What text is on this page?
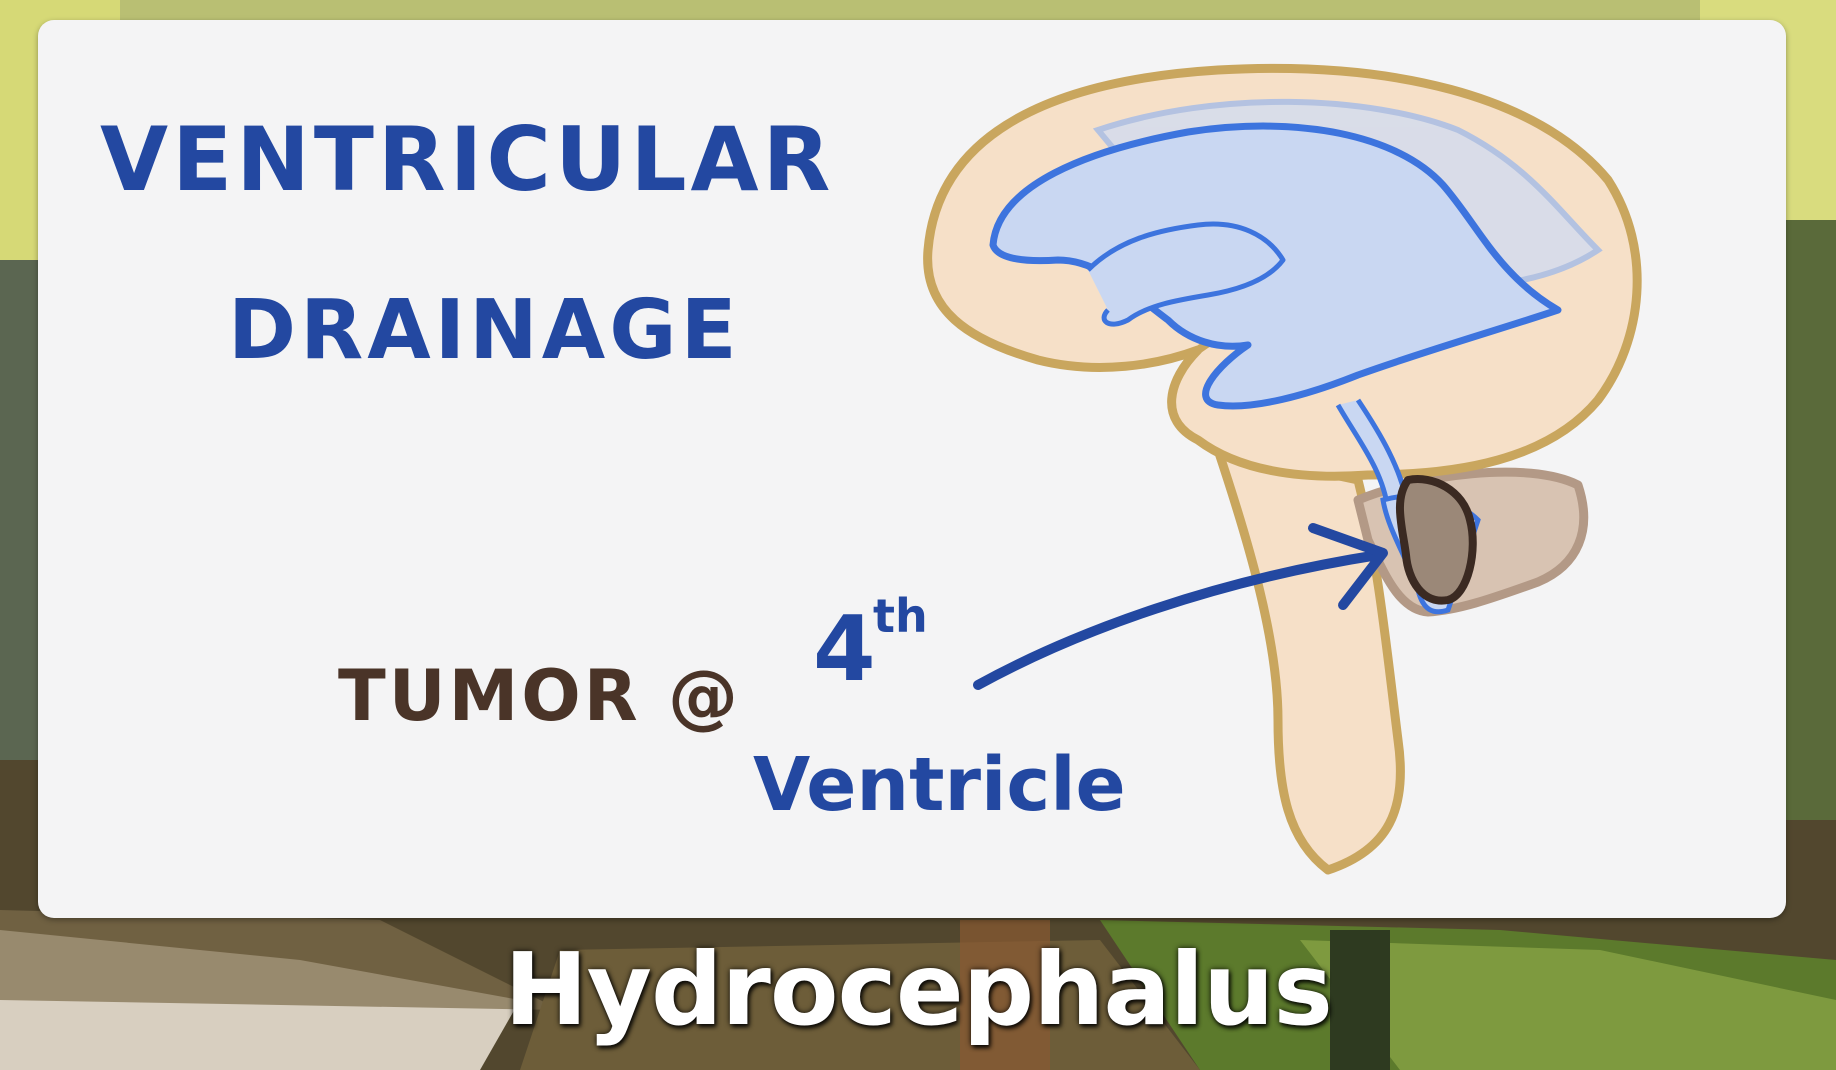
VENTRICULAR
DRAINAGE
TUMOR @ 4
th
Ventricle
Hydrocephalus
